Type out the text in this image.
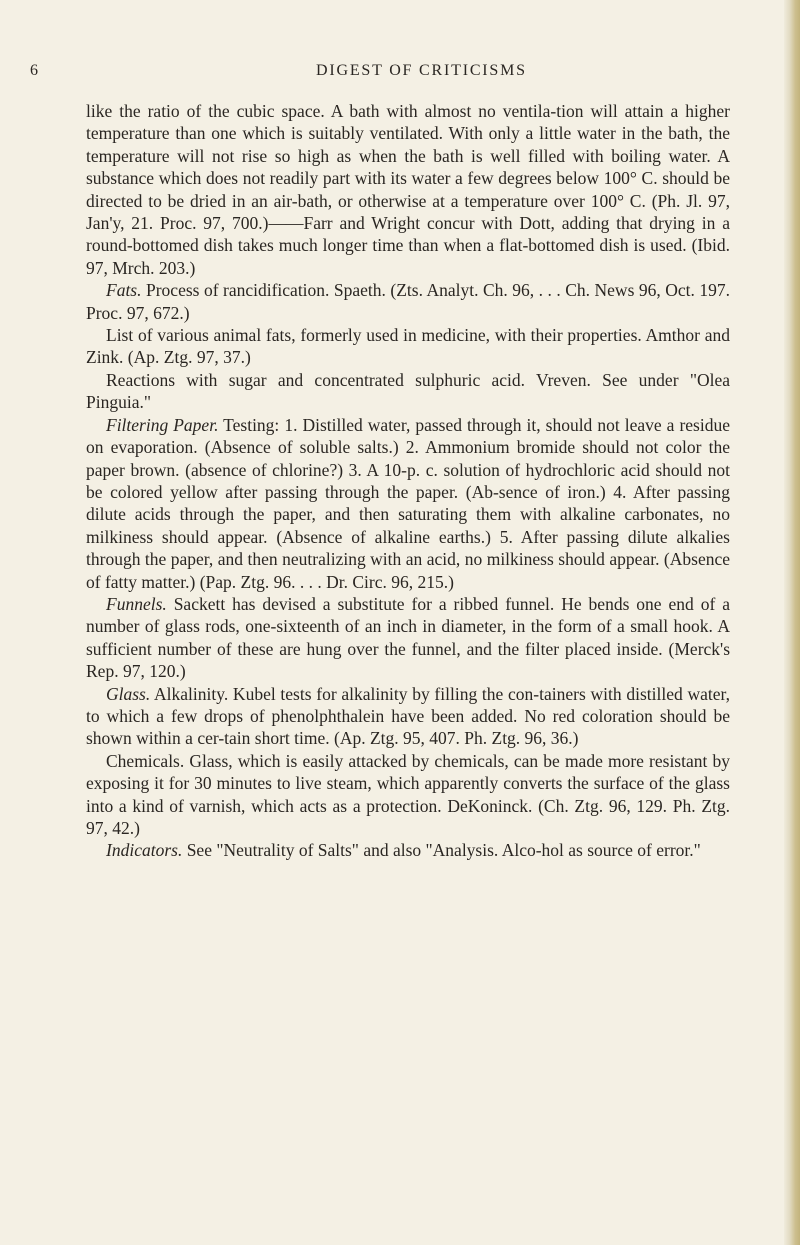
6	DIGEST OF CRITICISMS

like the ratio of the cubic space. A bath with almost no ventila-tion will attain a higher temperature than one which is suitably ventilated. With only a little water in the bath, the temperature will not rise so high as when the bath is well filled with boiling water. A substance which does not readily part with its water a few degrees below 100° C. should be directed to be dried in an air-bath, or otherwise at a temperature over 100° C. (Ph. Jl. 97, Jan'y, 21. Proc. 97, 700.)——Farr and Wright concur with Dott, adding that drying in a round-bottomed dish takes much longer time than when a flat-bottomed dish is used. (Ibid. 97, Mrch. 203.)

Fats. Process of rancidification. Spaeth. (Zts. Analyt. Ch. 96, . . . Ch. News 96, Oct. 197. Proc. 97, 672.)

List of various animal fats, formerly used in medicine, with their properties. Amthor and Zink. (Ap. Ztg. 97, 37.)

Reactions with sugar and concentrated sulphuric acid. Vreven. See under "Olea Pinguia."

Filtering Paper. Testing: 1. Distilled water, passed through it, should not leave a residue on evaporation. (Absence of soluble salts.) 2. Ammonium bromide should not color the paper brown. (absence of chlorine?) 3. A 10-p. c. solution of hydrochloric acid should not be colored yellow after passing through the paper. (Ab-sence of iron.) 4. After passing dilute acids through the paper, and then saturating them with alkaline carbonates, no milkiness should appear. (Absence of alkaline earths.) 5. After passing dilute alkalies through the paper, and then neutralizing with an acid, no milkiness should appear. (Absence of fatty matter.) (Pap. Ztg. 96. . . . Dr. Circ. 96, 215.)

Funnels. Sackett has devised a substitute for a ribbed funnel. He bends one end of a number of glass rods, one-sixteenth of an inch in diameter, in the form of a small hook. A sufficient number of these are hung over the funnel, and the filter placed inside. (Merck's Rep. 97, 120.)

Glass. Alkalinity. Kubel tests for alkalinity by filling the con-tainers with distilled water, to which a few drops of phenolphthalein have been added. No red coloration should be shown within a cer-tain short time. (Ap. Ztg. 95, 407. Ph. Ztg. 96, 36.)

Chemicals. Glass, which is easily attacked by chemicals, can be made more resistant by exposing it for 30 minutes to live steam, which apparently converts the surface of the glass into a kind of varnish, which acts as a protection. DeKoninck. (Ch. Ztg. 96, 129. Ph. Ztg. 97, 42.)

Indicators. See "Neutrality of Salts" and also "Analysis. Alco-hol as source of error."
